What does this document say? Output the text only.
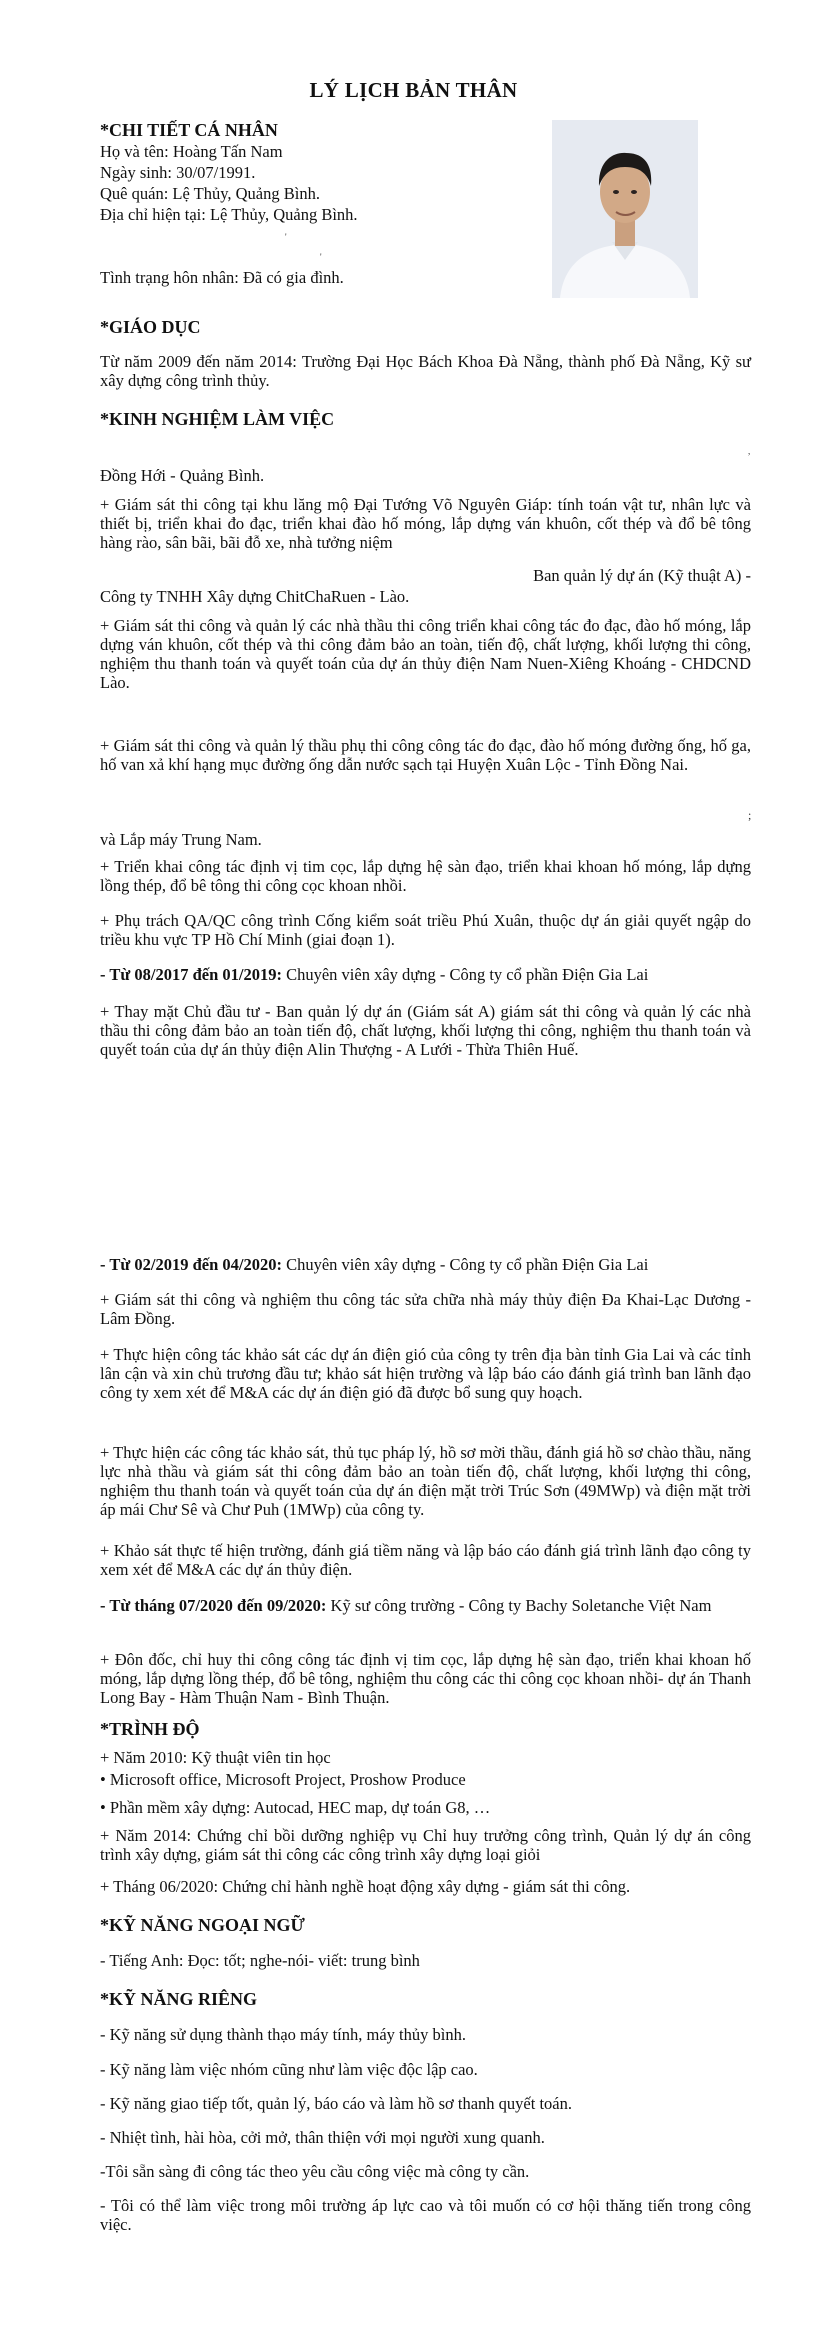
LÝ LỊCH BẢN THÂN
*CHI TIẾT CÁ NHÂN
Họ và tên: Hoàng Tấn Nam
Ngày sinh: 30/07/1991.
Quê quán: Lệ Thủy, Quảng Bình.
Địa chỉ hiện tại: Lệ Thủy, Quảng Bình.
'
'
Tình trạng hôn nhân: Đã có gia đình.
*GIÁO DỤC
Từ năm 2009 đến năm 2014: Trường Đại Học Bách Khoa Đà Nẵng, thành phố Đà Nẵng, Kỹ sư xây dựng công trình thủy.
*KINH NGHIỆM LÀM VIỆC
,
Đồng Hới - Quảng Bình.
+ Giám sát thi công tại khu lăng mộ Đại Tướng Võ Nguyên Giáp: tính toán vật tư, nhân lực và thiết bị, triển khai đo đạc, triển khai đào hố móng, lắp dựng ván khuôn, cốt thép và đổ bê tông hàng rào, sân bãi, bãi đỗ xe, nhà tưởng niệm
Ban quản lý dự án (Kỹ thuật A) -
Công ty TNHH Xây dựng ChitChaRuen - Lào.
+ Giám sát thi công và quản lý các nhà thầu thi công triển khai công tác đo đạc, đào hố móng, lắp dựng ván khuôn, cốt thép và thi công đảm bảo an toàn, tiến độ, chất lượng, khối lượng thi công, nghiệm thu thanh toán và quyết toán của dự án thủy điện Nam Nuen-Xiêng Khoáng - CHDCND Lào.
+ Giám sát thi công và quản lý thầu phụ thi công công tác đo đạc, đào hố móng đường ống, hố ga, hố van xả khí hạng mục đường ống dẫn nước sạch tại Huyện Xuân Lộc - Tỉnh Đồng Nai.
;
và Lắp máy Trung Nam.
+ Triển khai công tác định vị tim cọc, lắp dựng hệ sàn đạo, triển khai khoan hố móng, lắp dựng lồng thép, đổ bê tông thi công cọc khoan nhồi.
+ Phụ trách QA/QC công trình Cống kiểm soát triều Phú Xuân, thuộc dự án giải quyết ngập do triều khu vực TP Hồ Chí Minh (giai đoạn 1).
- Từ 08/2017 đến 01/2019: Chuyên viên xây dựng - Công ty cổ phần Điện Gia Lai
+ Thay mặt Chủ đầu tư - Ban quản lý dự án (Giám sát A) giám sát thi công và quản lý các nhà thầu thi công đảm bảo an toàn tiến độ, chất lượng, khối lượng thi công, nghiệm thu thanh toán và quyết toán của dự án thủy điện Alin Thượng - A Lưới - Thừa Thiên Huế.
- Từ 02/2019 đến 04/2020: Chuyên viên xây dựng - Công ty cổ phần Điện Gia Lai
+ Giám sát thi công và nghiệm thu công tác sửa chữa nhà máy thủy điện Đa Khai-Lạc Dương - Lâm Đồng.
+ Thực hiện công tác khảo sát các dự án điện gió của công ty trên địa bàn tỉnh Gia Lai và các tỉnh lân cận và xin chủ trương đầu tư; khảo sát hiện trường và lập báo cáo đánh giá trình ban lãnh đạo công ty xem xét để M&A các dự án điện gió đã được bổ sung quy hoạch.
+ Thực hiện các công tác khảo sát, thủ tục pháp lý, hồ sơ mời thầu, đánh giá hồ sơ chào thầu, năng lực nhà thầu và giám sát thi công đảm bảo an toàn tiến độ, chất lượng, khối lượng thi công, nghiệm thu thanh toán và quyết toán của dự án điện mặt trời Trúc Sơn (49MWp) và điện mặt trời áp mái Chư Sê và Chư Puh (1MWp) của công ty.
+ Khảo sát thực tế hiện trường, đánh giá tiềm năng và lập báo cáo đánh giá trình lãnh đạo công ty xem xét để M&A các dự án thủy điện.
- Từ tháng 07/2020 đến 09/2020: Kỹ sư công trường - Công ty Bachy Soletanche Việt Nam
+ Đôn đốc, chỉ huy thi công công tác định vị tim cọc, lắp dựng hệ sàn đạo, triển khai khoan hố móng, lắp dựng lồng thép, đổ bê tông, nghiệm thu công các thi công cọc khoan nhồi- dự án Thanh Long Bay - Hàm Thuận Nam - Bình Thuận.
*TRÌNH ĐỘ
+ Năm 2010: Kỹ thuật viên tin học
• Microsoft office, Microsoft Project, Proshow Produce
• Phần mềm xây dựng: Autocad, HEC map, dự toán G8, …
+ Năm 2014: Chứng chỉ bồi dưỡng nghiệp vụ Chỉ huy trưởng công trình, Quản lý dự án công trình xây dựng, giám sát thi công các công trình xây dựng loại giỏi
+ Tháng 06/2020: Chứng chỉ hành nghề hoạt động xây dựng - giám sát thi công.
*KỸ NĂNG NGOẠI NGỮ
- Tiếng Anh: Đọc: tốt; nghe-nói- viết: trung bình
*KỸ NĂNG RIÊNG
- Kỹ năng sử dụng thành thạo máy tính, máy thủy bình.
- Kỹ năng làm việc nhóm cũng như làm việc độc lập cao.
- Kỹ năng giao tiếp tốt, quản lý, báo cáo và làm hồ sơ thanh quyết toán.
- Nhiệt tình, hài hòa, cởi mở, thân thiện với mọi người xung quanh.
-Tôi sẵn sàng đi công tác theo yêu cầu công việc mà công ty cần.
- Tôi có thể làm việc trong môi trường áp lực cao và tôi muốn có cơ hội thăng tiến trong công việc.
